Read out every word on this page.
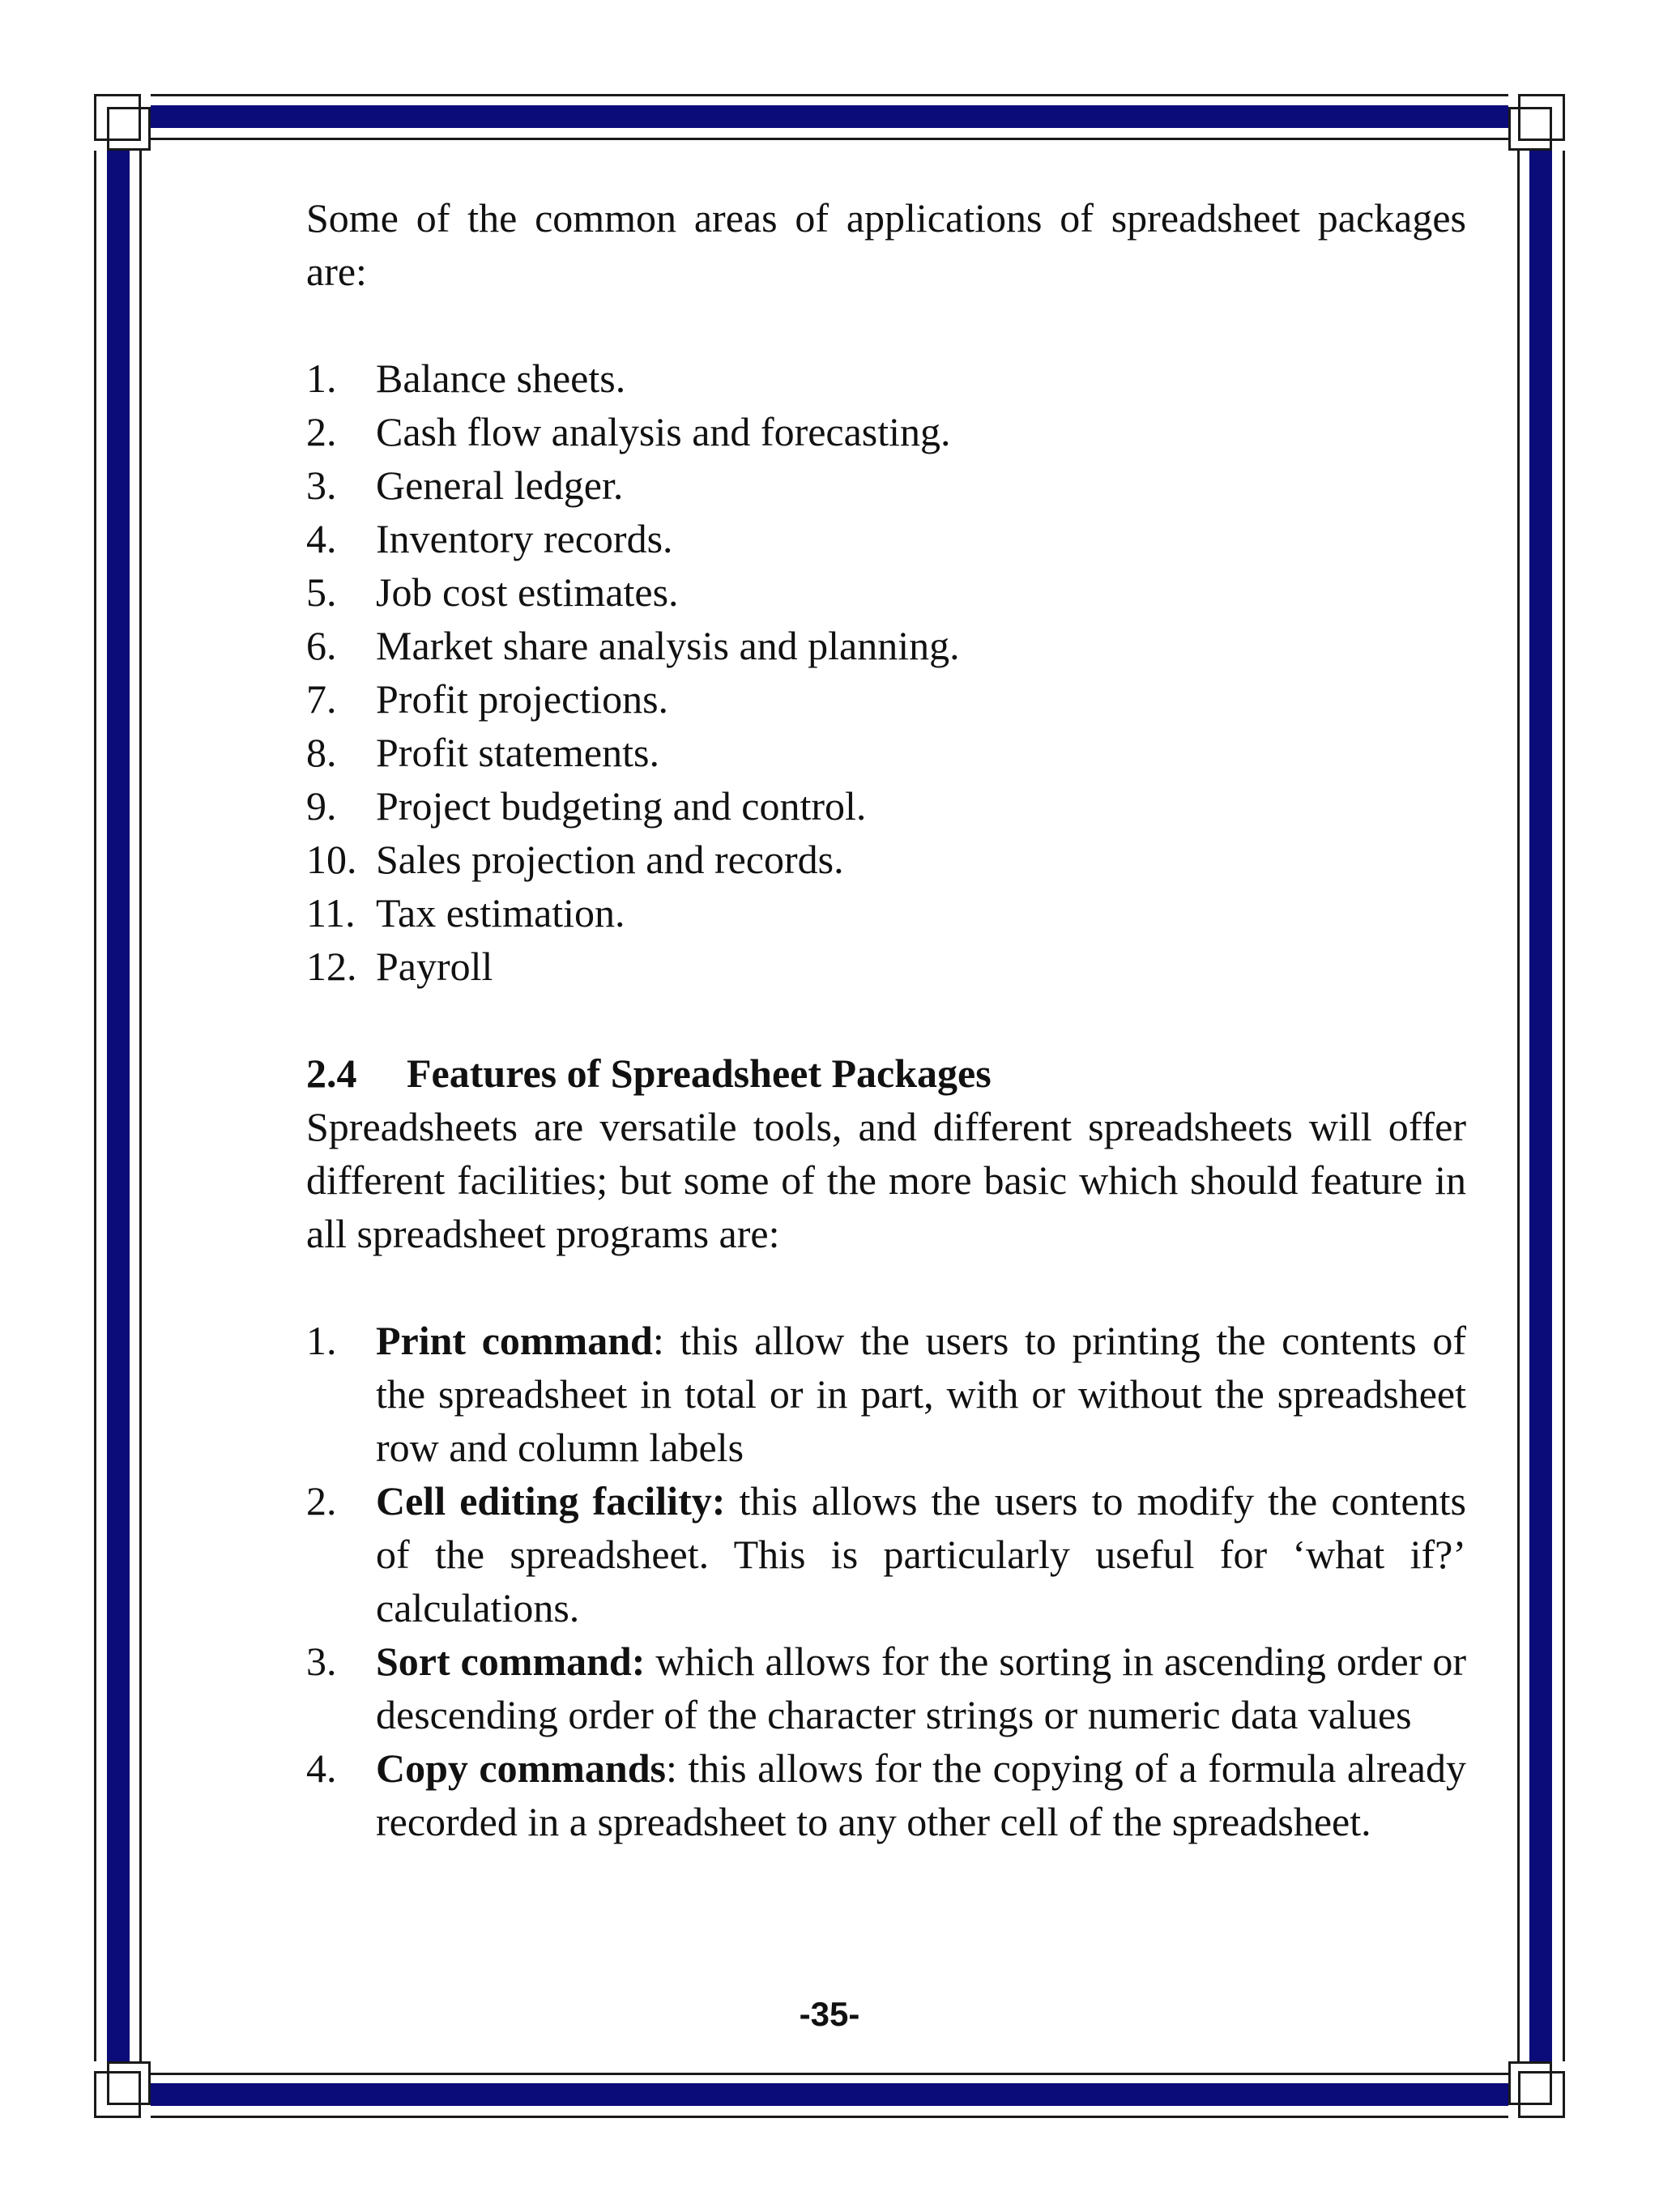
Some of the common areas of applications of spreadsheet packages are:

1. Balance sheets.
2. Cash flow analysis and forecasting.
3. General ledger.
4. Inventory records.
5. Job cost estimates.
6. Market share analysis and planning.
7. Profit projections.
8. Profit statements.
9. Project budgeting and control.
10. Sales projection and records.
11. Tax estimation.
12. Payroll

2.4 Features of Spreadsheet Packages

Spreadsheets are versatile tools, and different spreadsheets will offer different facilities; but some of the more basic which should feature in all spreadsheet programs are:

1. Print command: this allow the users to printing the contents of the spreadsheet in total or in part, with or without the spreadsheet row and column labels
2. Cell editing facility: this allows the users to modify the contents of the spreadsheet. This is particularly useful for ‘what if?’ calculations.
3. Sort command: which allows for the sorting in ascending order or descending order of the character strings or numeric data values
4. Copy commands: this allows for the copying of a formula already recorded in a spreadsheet to any other cell of the spreadsheet.
-35-
